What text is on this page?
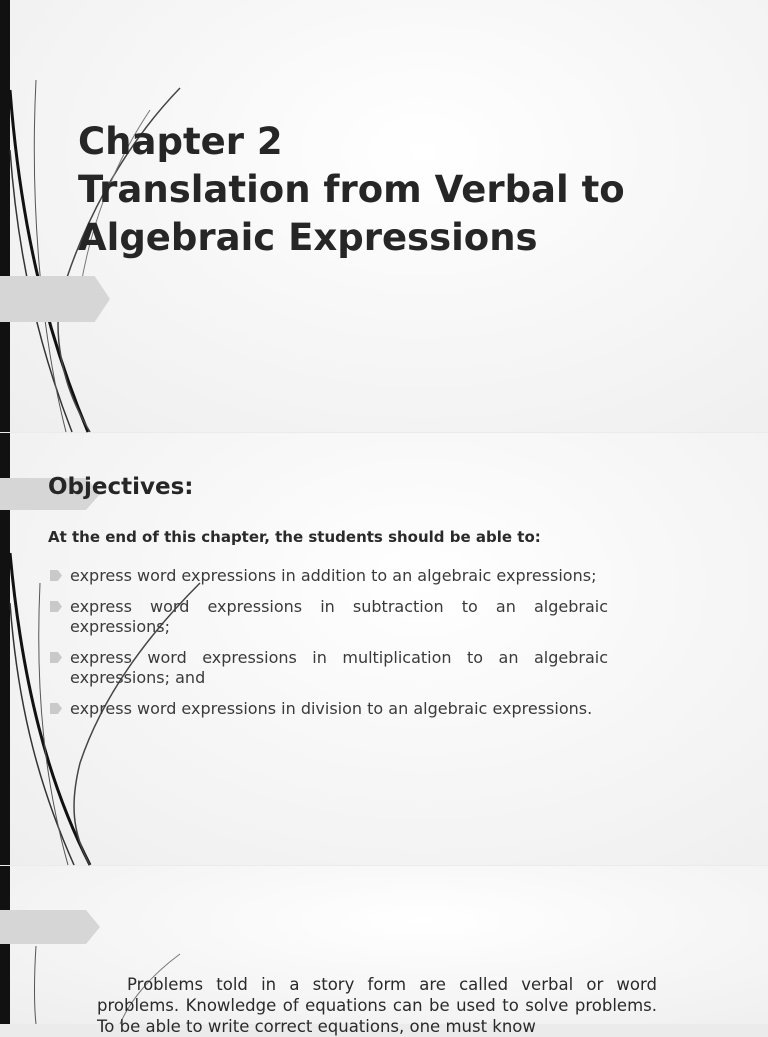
Chapter 2
Translation from Verbal to
Algebraic Expressions
Objectives:
At the end of this chapter, the students should be able to:
express word expressions in addition to an algebraic expressions;
express word expressions in subtraction to an algebraic expressions;
express word expressions in multiplication to an algebraic expressions; and
express word expressions in division to an algebraic expressions.

Problems told in a story form are called verbal or word problems. Knowledge of equations can be used to solve problems. To be able to write correct equations, one must know
